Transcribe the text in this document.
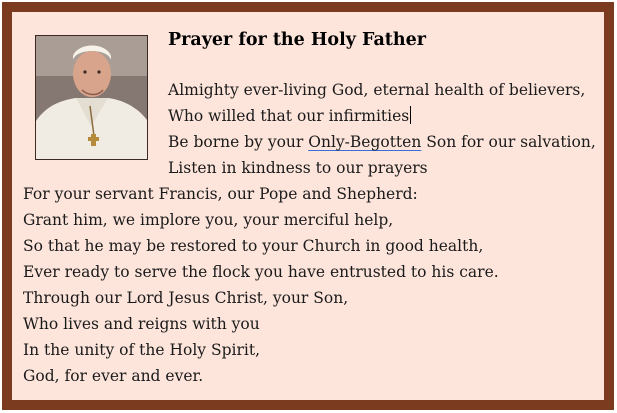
Prayer for the Holy Father
Almighty ever-living God, eternal health of believers,
Who willed that our infirmities
Be borne by your Only-Begotten Son for our salvation,
Listen in kindness to our prayers
For your servant Francis, our Pope and Shepherd:
Grant him, we implore you, your merciful help,
So that he may be restored to your Church in good health,
Ever ready to serve the flock you have entrusted to his care.
Through our Lord Jesus Christ, your Son,
Who lives and reigns with you
In the unity of the Holy Spirit,
God, for ever and ever.
